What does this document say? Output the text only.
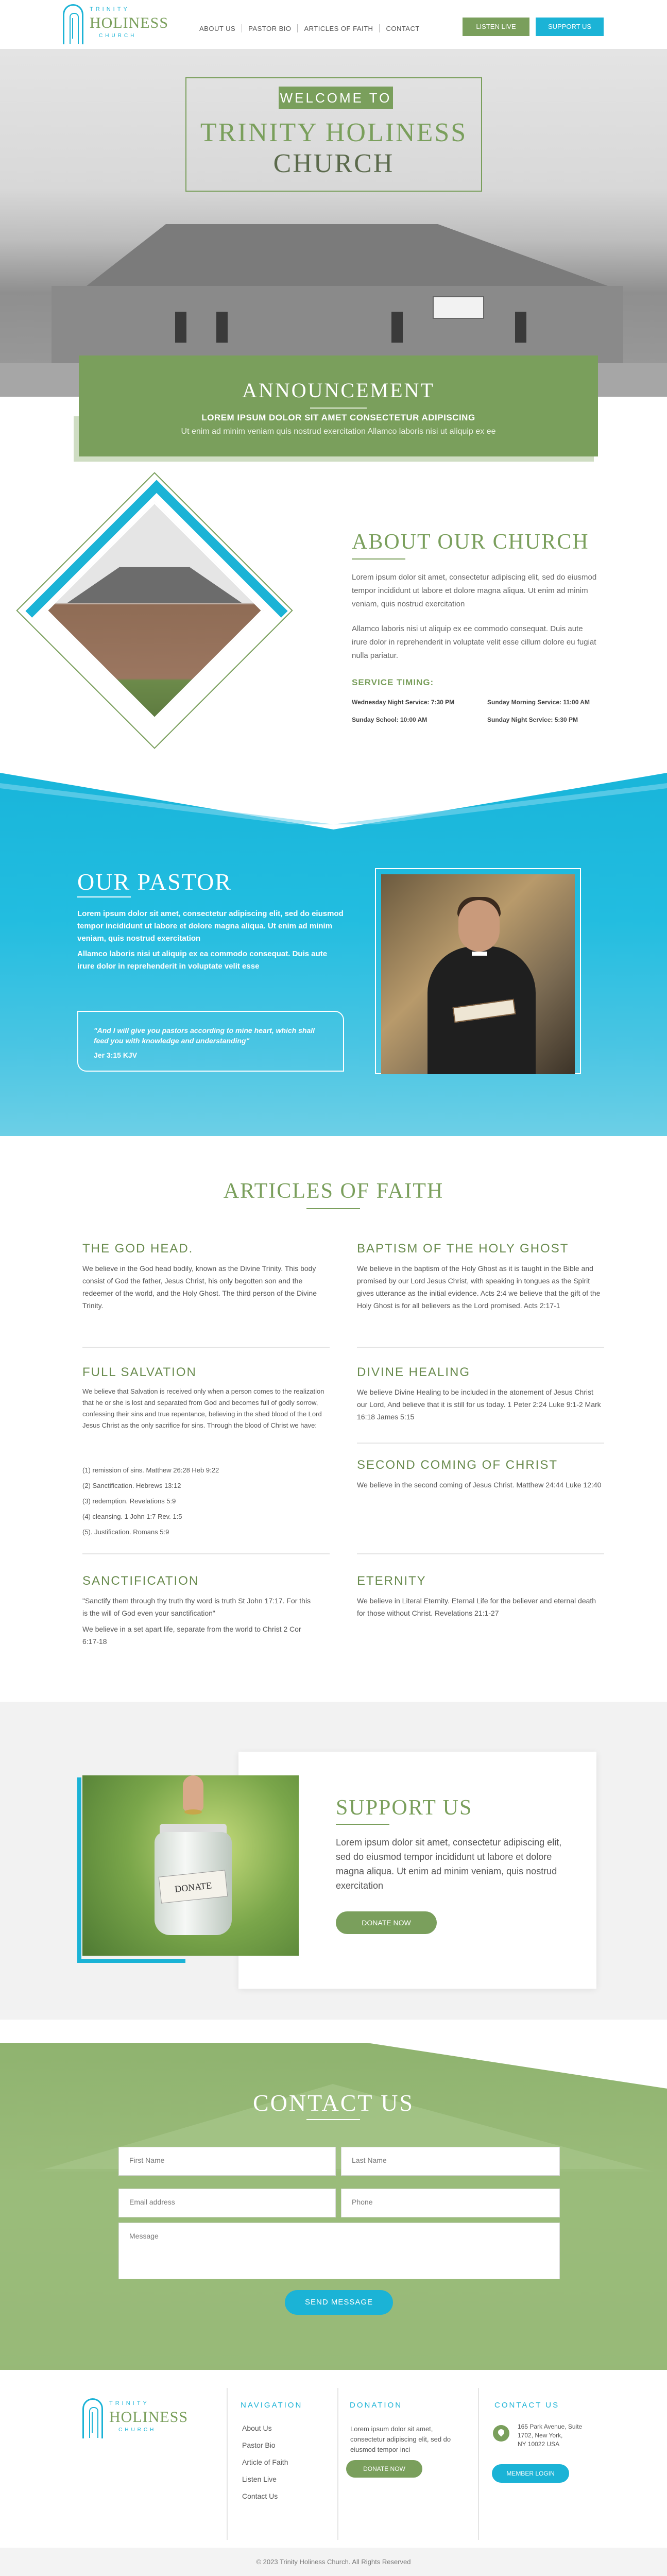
TRINITY
HOLINESS
CHURCH
ABOUT US	PASTOR BIO	ARTICLES OF FAITH	CONTACT	LISTEN LIVE	SUPPORT US
WELCOME TO
TRINITY HOLINESS
CHURCH
ANNOUNCEMENT
LOREM IPSUM DOLOR SIT AMET CONSECTETUR ADIPISCING
Ut enim ad minim veniam quis nostrud exercitation Allamco laboris nisi ut aliquip ex ee
ABOUT OUR CHURCH
Lorem ipsum dolor sit amet, consectetur adipiscing elit, sed do eiusmod tempor incididunt ut labore et dolore magna aliqua. Ut enim ad minim veniam, quis nostrud exercitation
Allamco laboris nisi ut aliquip ex ee commodo consequat. Duis aute irure dolor in reprehenderit in voluptate velit esse cillum dolore eu fugiat nulla pariatur.
SERVICE TIMING:
Wednesday Night Service: 7:30 PM	Sunday Morning Service: 11:00 AM
Sunday School: 10:00 AM	Sunday Night Service: 5:30 PM
OUR PASTOR
Lorem ipsum dolor sit amet, consectetur adipiscing elit, sed do eiusmod tempor incididunt ut labore et dolore magna aliqua. Ut enim ad minim veniam, quis nostrud exercitation
Allamco laboris nisi ut aliquip ex ea commodo consequat. Duis aute irure dolor in reprehenderit in voluptate velit esse
"And I will give you pastors according to mine heart, which shall feed you with knowledge and understanding"
Jer 3:15 KJV
ARTICLES OF FAITH
THE GOD HEAD.
We believe in the God head bodily, known as the Divine Trinity. This body consist of God the father, Jesus Christ, his only begotten son and the redeemer of the world, and the Holy Ghost. The third person of the Divine Trinity.
BAPTISM OF THE HOLY GHOST
We believe in the baptism of the Holy Ghost as it is taught in the Bible and promised by our Lord Jesus Christ, with speaking in tongues as the Spirit gives utterance as the initial evidence. Acts 2:4 we believe that the gift of the Holy Ghost is for all believers as the Lord promised. Acts 2:17-1
FULL SALVATION
We believe that Salvation is received only when a person comes to the realization that he or she is lost and separated from God and becomes full of godly sorrow, confessing their sins and true repentance, believing in the shed blood of the Lord Jesus Christ as the only sacrifice for sins. Through the blood of Christ we have:
(1) remission of sins. Matthew 26:28 Heb 9:22
(2) Sanctification. Hebrews 13:12
(3) redemption. Revelations 5:9
(4) cleansing. 1 John 1:7 Rev. 1:5
(5). Justification. Romans 5:9
DIVINE HEALING
We believe Divine Healing to be included in the atonement of Jesus Christ our Lord, And believe that it is still for us today. 1 Peter 2:24 Luke 9:1-2 Mark 16:18 James 5:15
SECOND COMING OF CHRIST
We believe in the second coming of Jesus Christ. Matthew 24:44 Luke 12:40
SANCTIFICATION
"Sanctify them through thy truth thy word is truth St John 17:17. For this is the will of God even your sanctification"
We believe in a set apart life, separate from the world to Christ 2 Cor 6:17-18
ETERNITY
We believe in Literal Eternity. Eternal Life for the believer and eternal death for those without Christ. Revelations 21:1-27
DONATE
SUPPORT US
Lorem ipsum dolor sit amet, consectetur adipiscing elit, sed do eiusmod tempor incididunt ut labore et dolore magna aliqua. Ut enim ad minim veniam, quis nostrud exercitation
DONATE NOW
CONTACT US
First Name	Last Name
Email address	Phone
Message
SEND MESSAGE
TRINITY
HOLINESS
CHURCH
NAVIGATION
About Us
Pastor Bio
Article of Faith
Listen Live
Contact Us
DONATION
Lorem ipsum dolor sit amet, consectetur adipiscing elit, sed do eiusmod tempor inci
DONATE NOW
CONTACT US
165 Park Avenue, Suite
1702, New York,
NY 10022 USA
MEMBER LOGIN
© 2023 Trinity Holiness Church. All Rights Reserved
